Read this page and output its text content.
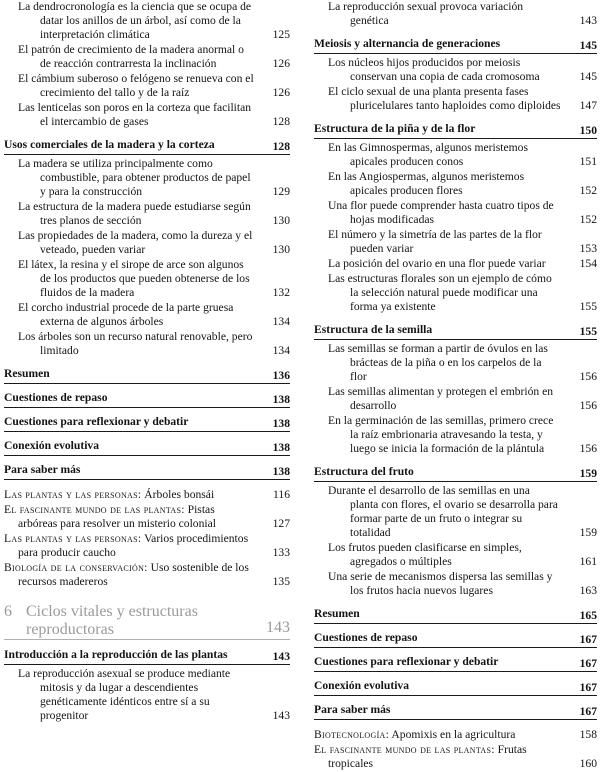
La dendrocronología es la ciencia que se ocupa de datar los anillos de un árbol, así como de la interpretación climática	125
El patrón de crecimiento de la madera anormal o de reacción contrarresta la inclinación	126
El cámbium suberoso o felógeno se renueva con el crecimiento del tallo y de la raíz	126
Las lenticelas son poros en la corteza que facilitan el intercambio de gases	128
Usos comerciales de la madera y la corteza	128
La madera se utiliza principalmente como combustible, para obtener productos de papel y para la construcción	129
La estructura de la madera puede estudiarse según tres planos de sección	130
Las propiedades de la madera, como la dureza y el veteado, pueden variar	130
El látex, la resina y el sirope de arce son algunos de los productos que pueden obtenerse de los fluidos de la madera	132
El corcho industrial procede de la parte gruesa externa de algunos árboles	134
Los árboles son un recurso natural renovable, pero limitado	134
Resumen	136
Cuestiones de repaso	138
Cuestiones para reflexionar y debatir	138
Conexión evolutiva	138
Para saber más	138
Las plantas y las personas: Árboles bonsái	116
El fascinante mundo de las plantas: Pistas arbóreas para resolver un misterio colonial	127
Las plantas y las personas: Varios procedimientos para producir caucho	133
Biología de la conservación: Uso sostenible de los recursos madereros	135
6 Ciclos vitales y estructuras
reproductoras	143
Introducción a la reproducción de las plantas	143
La reproducción asexual se produce mediante mitosis y da lugar a descendientes genéticamente idénticos entre sí a su progenitor	143
La reproducción sexual provoca variación genética	143
Meiosis y alternancia de generaciones	145
Los núcleos hijos producidos por meiosis conservan una copia de cada cromosoma	145
El ciclo sexual de una planta presenta fases pluricelulares tanto haploides como diploides 147
Estructura de la piña y de la flor	150
En las Gimnospermas, algunos meristemos apicales producen conos	151
En las Angiospermas, algunos meristemos apicales producen flores	152
Una flor puede comprender hasta cuatro tipos de hojas modificadas	152
El número y la simetría de las partes de la flor pueden variar	153
La posición del ovario en una flor puede variar	154
Las estructuras florales son un ejemplo de cómo la selección natural puede modificar una forma ya existente	155
Estructura de la semilla	155
Las semillas se forman a partir de óvulos en las brácteas de la piña o en los carpelos de la flor	156
Las semillas alimentan y protegen el embrión en desarrollo	156
En la germinación de las semillas, primero crece la raíz embrionaria atravesando la testa, y luego se inicia la formación de la plántula	156
Estructura del fruto	159
Durante el desarrollo de las semillas en una planta con flores, el ovario se desarrolla para formar parte de un fruto o integrar su totalidad	159
Los frutos pueden clasificarse en simples, agregados o múltiples	161
Una serie de mecanismos dispersa las semillas y los frutos hacia nuevos lugares	163
Resumen	165
Cuestiones de repaso	167
Cuestiones para reflexionar y debatir	167
Conexión evolutiva	167
Para saber más	167
Biotecnología: Apomixis en la agricultura	158
El fascinante mundo de las plantas: Frutas tropicales	160
